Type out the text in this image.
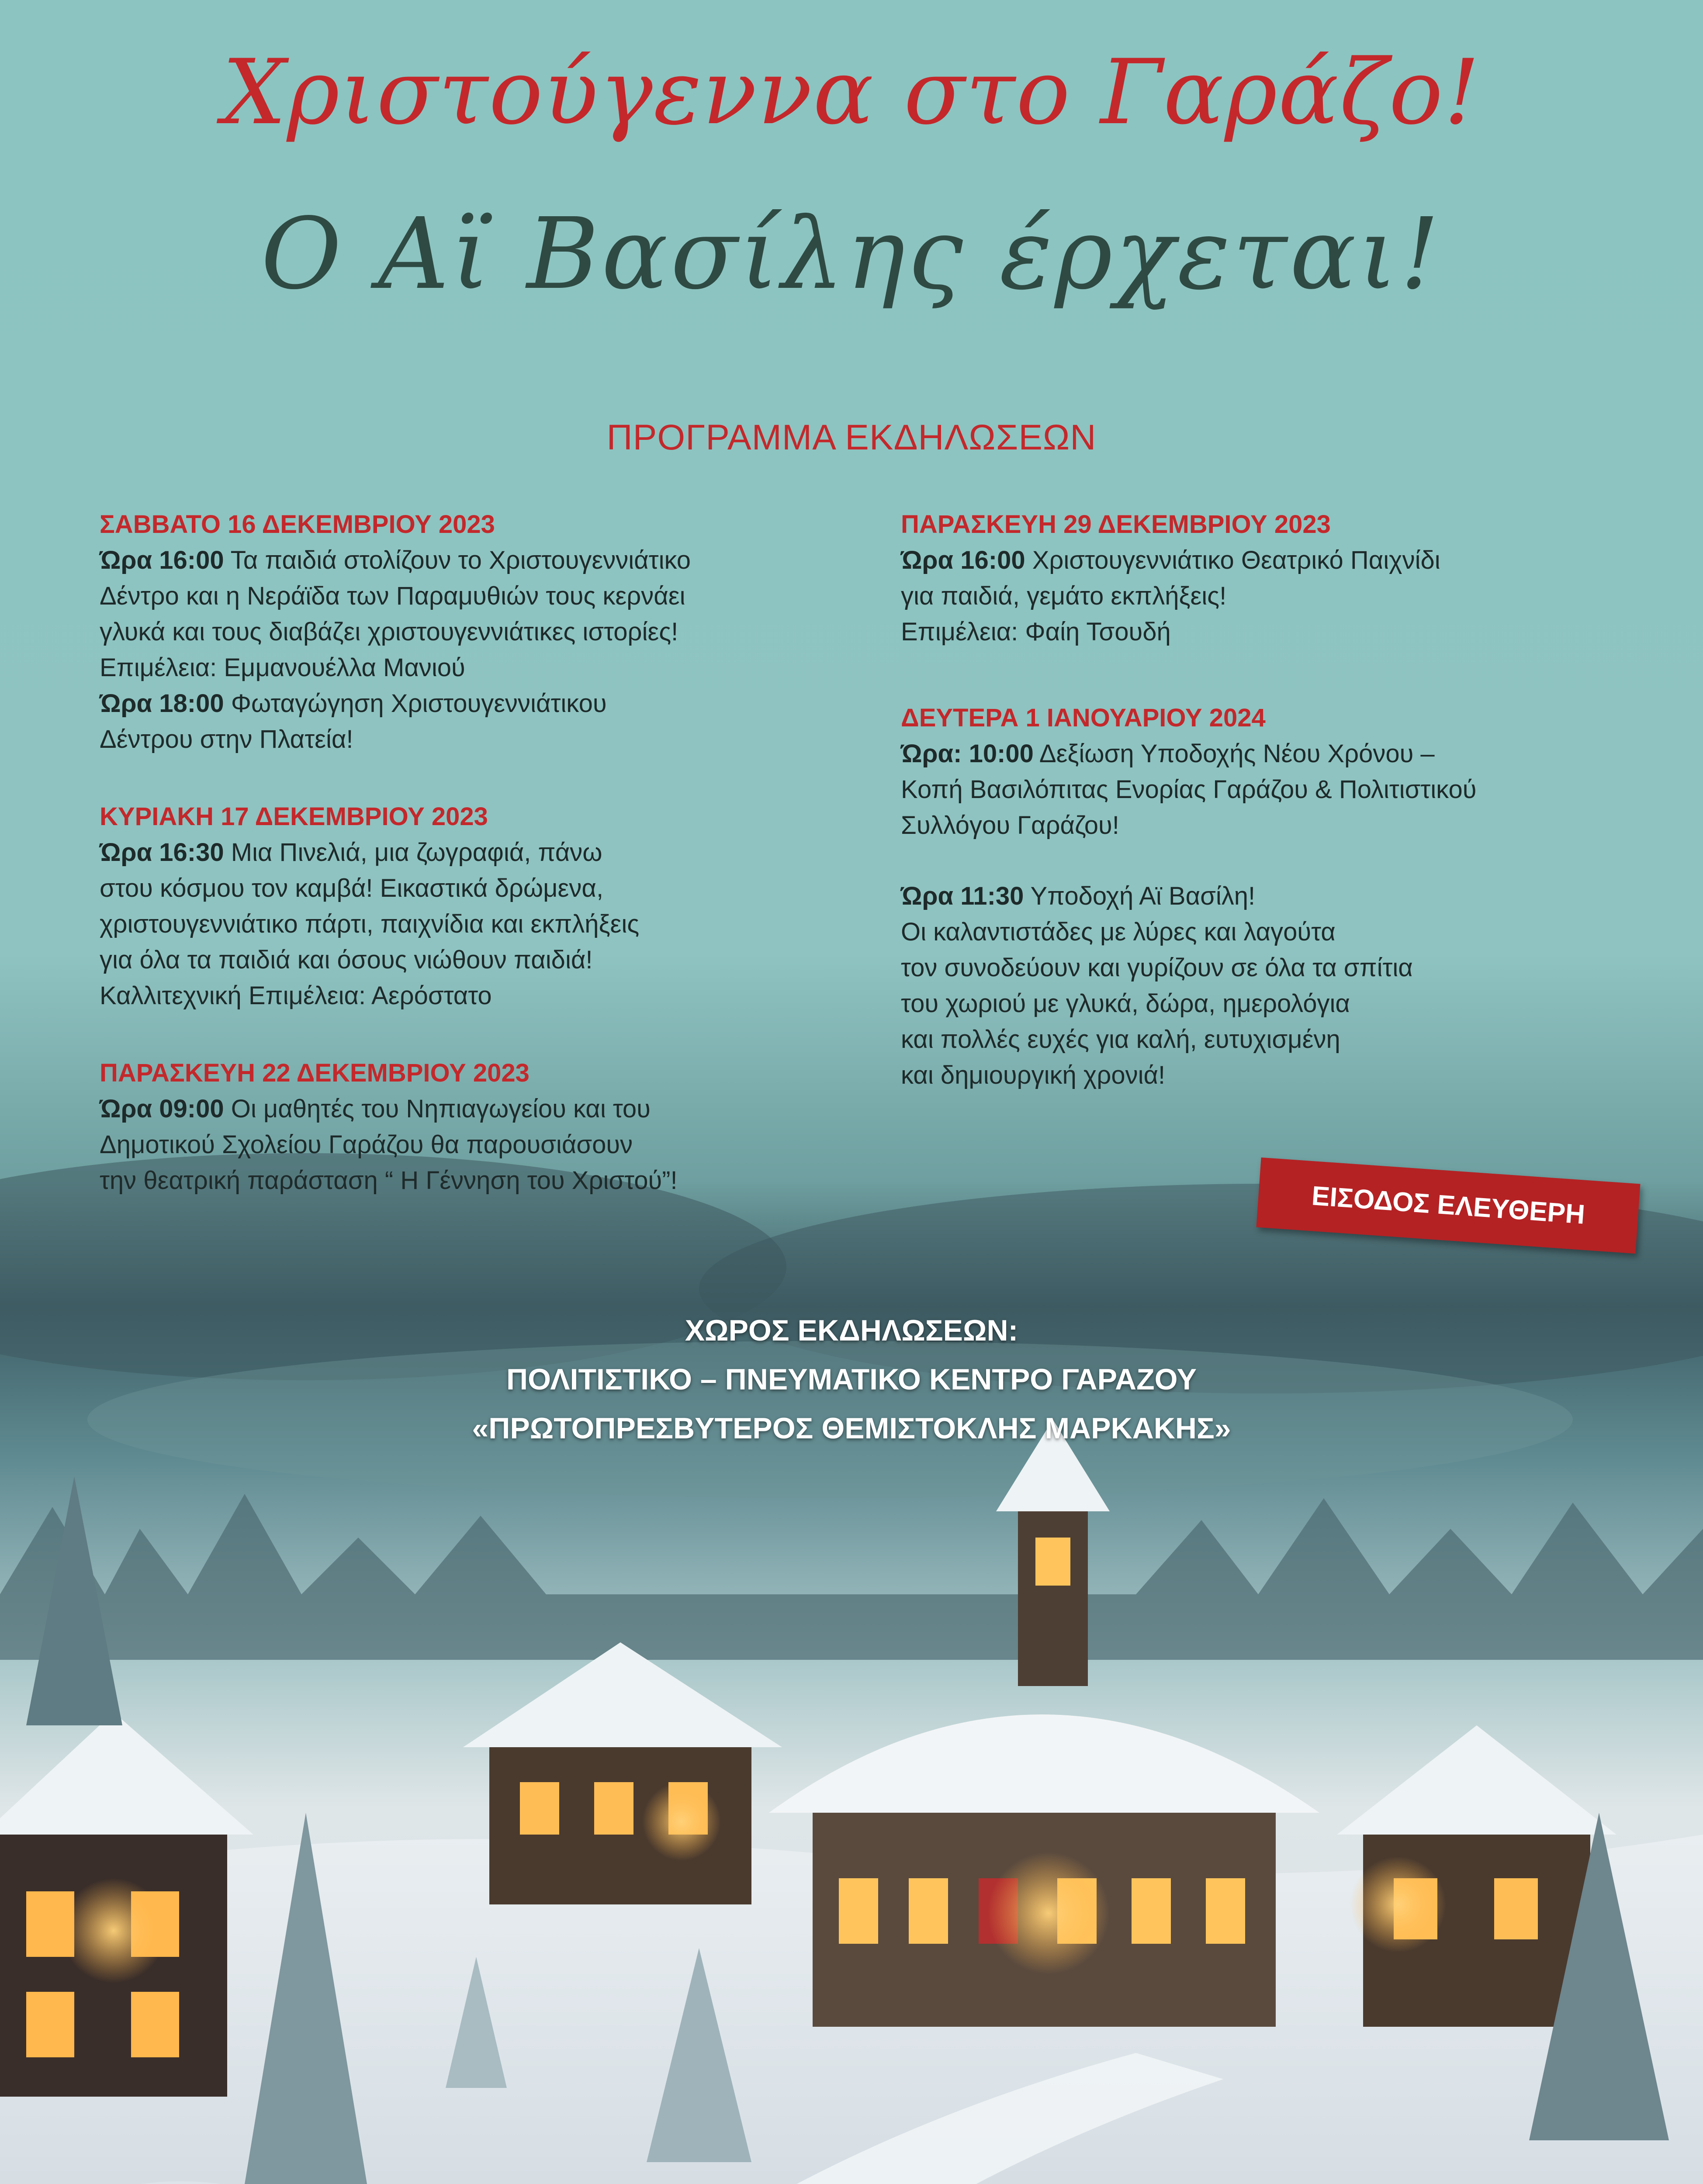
Χριστούγεννα στο Γαράζο!
Ο Αϊ Βασίλης έρχεται!
ΠΡΟΓΡΑΜΜΑ ΕΚΔΗΛΩΣΕΩΝ
ΣΑΒΒΑΤΟ 16 ΔΕΚΕΜΒΡΙΟΥ 2023
Ώρα 16:00 Τα παιδιά στολίζουν το Χριστουγεννιάτικο
Δέντρο και η Νεράϊδα των Παραμυθιών τους κερνάει
γλυκά και τους διαβάζει χριστουγεννιάτικες ιστορίες!
Επιμέλεια: Εμμανουέλλα Μανιού
Ώρα 18:00 Φωταγώγηση Χριστουγεννιάτικου
Δέντρου στην Πλατεία!
ΚΥΡΙΑΚΗ 17 ΔΕΚΕΜΒΡΙΟΥ 2023
Ώρα 16:30 Μια Πινελιά, μια ζωγραφιά, πάνω
στου κόσμου τον καμβά! Εικαστικά δρώμενα,
χριστουγεννιάτικο πάρτι, παιχνίδια και εκπλήξεις
για όλα τα παιδιά και όσους νιώθουν παιδιά!
Καλλιτεχνική Επιμέλεια: Αερόστατο
ΠΑΡΑΣΚΕΥΗ 22 ΔΕΚΕΜΒΡΙΟΥ 2023
Ώρα 09:00 Οι μαθητές του Νηπιαγωγείου και του
Δημοτικού Σχολείου Γαράζου θα παρουσιάσουν
την θεατρική παράσταση “ Η Γέννηση του Χριστού”!
ΠΑΡΑΣΚΕΥΗ 29 ΔΕΚΕΜΒΡΙΟΥ 2023
Ώρα 16:00 Χριστουγεννιάτικο Θεατρικό Παιχνίδι
για παιδιά, γεμάτο εκπλήξεις!
Επιμέλεια: Φαίη Τσουδή
ΔΕΥΤΕΡΑ 1 ΙΑΝΟΥΑΡΙΟΥ 2024
Ώρα: 10:00 Δεξίωση Υποδοχής Νέου Χρόνου –
Κοπή Βασιλόπιτας Ενορίας Γαράζου & Πολιτιστικού
Συλλόγου Γαράζου!
Ώρα 11:30 Υποδοχή Αϊ Βασίλη!
Οι καλαντιστάδες με λύρες και λαγούτα
τον συνοδεύουν και γυρίζουν σε όλα τα σπίτια
του χωριού με γλυκά, δώρα, ημερολόγια
και πολλές ευχές για καλή, ευτυχισμένη
και δημιουργική χρονιά!
ΕΙΣΟΔΟΣ ΕΛΕΥΘΕΡΗ
ΧΩΡΟΣ ΕΚΔΗΛΩΣΕΩΝ:
ΠΟΛΙΤΙΣΤΙΚΟ – ΠΝΕΥΜΑΤΙΚΟ ΚΕΝΤΡΟ ΓΑΡΑΖΟΥ
«ΠΡΩΤΟΠΡΕΣΒΥΤΕΡΟΣ ΘΕΜΙΣΤΟΚΛΗΣ ΜΑΡΚΑΚΗΣ»
